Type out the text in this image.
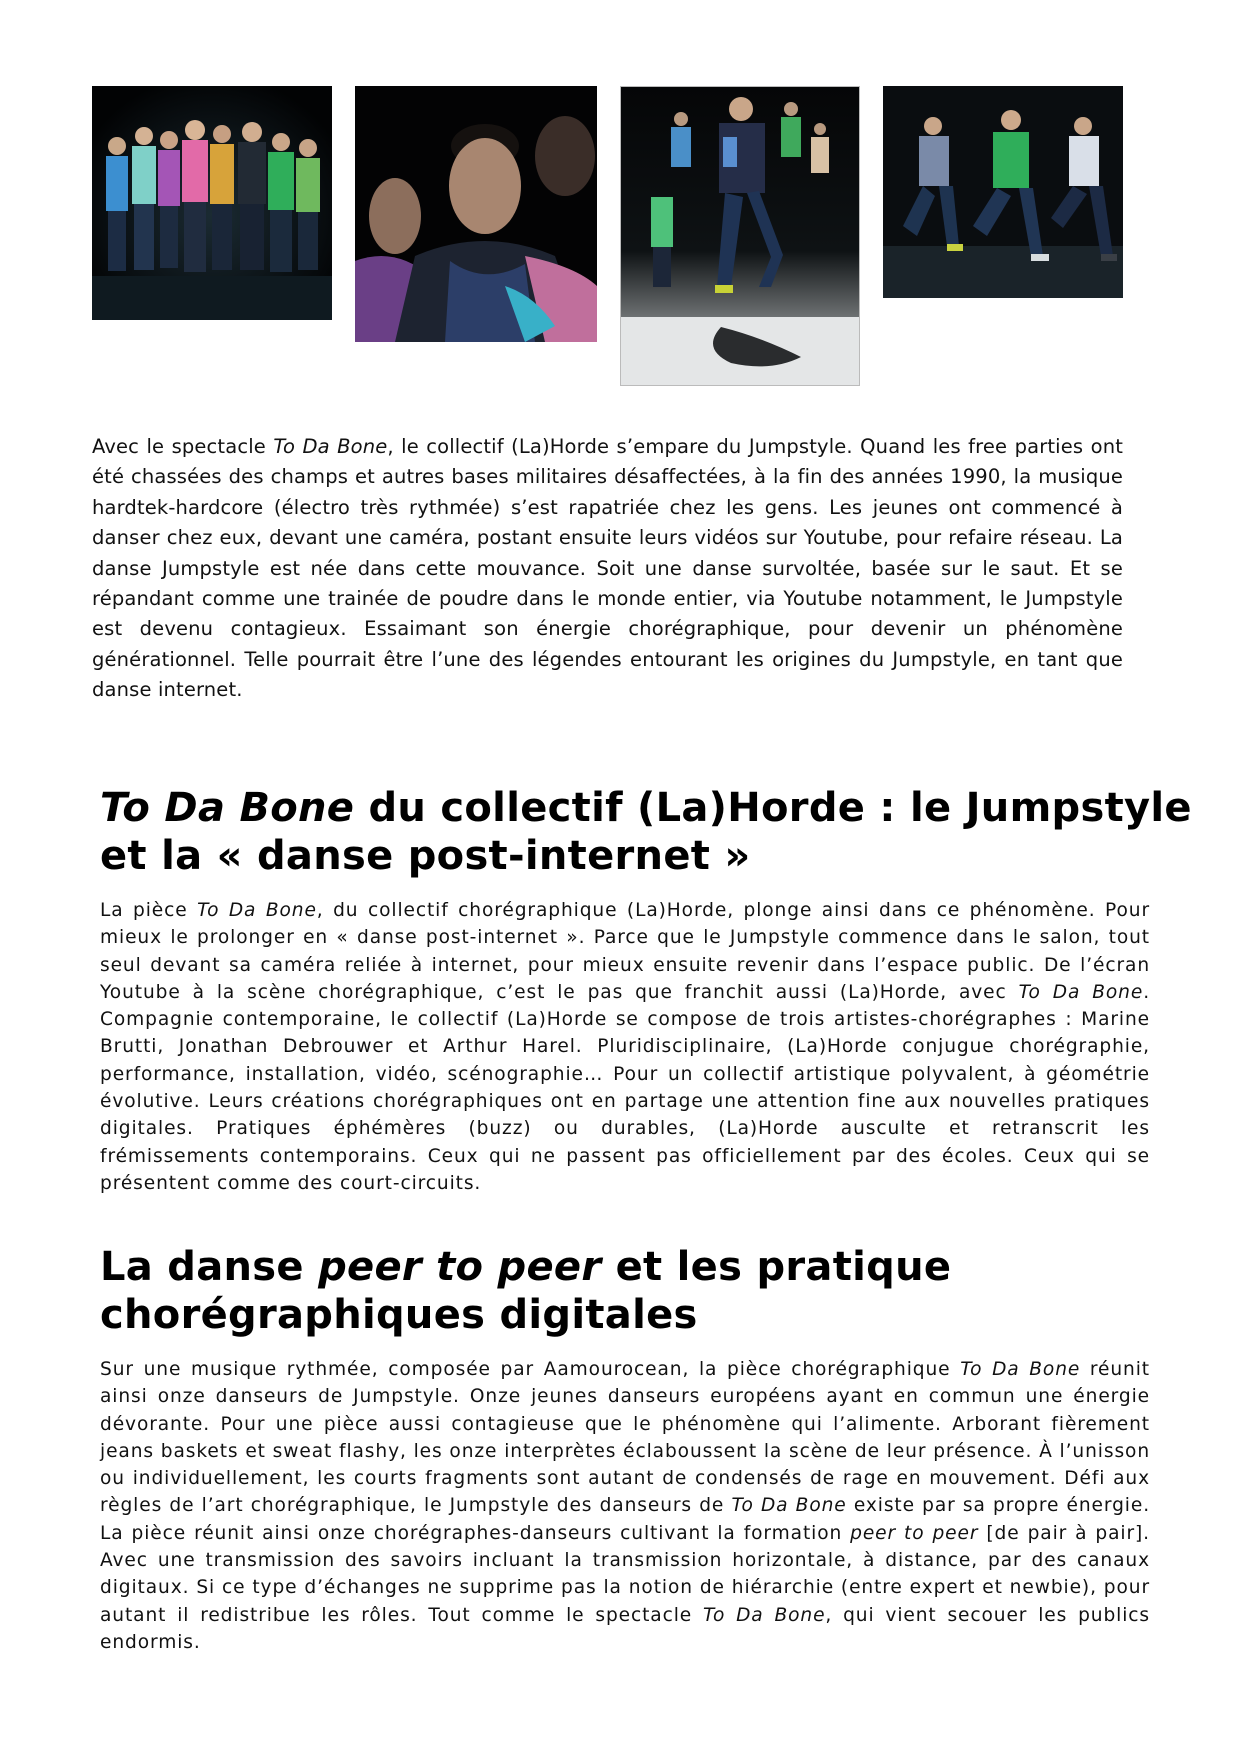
Avec le spectacle To Da Bone, le collectif (La)Horde s’empare du Jumpstyle. Quand les free parties ont été chassées des champs et autres bases militaires désaffectées, à la fin des années 1990, la musique hardtek-hardcore (électro très rythmée) s’est rapatriée chez les gens. Les jeunes ont commencé à danser chez eux, devant une caméra, postant ensuite leurs vidéos sur Youtube, pour refaire réseau. La danse Jumpstyle est née dans cette mouvance. Soit une danse survoltée, basée sur le saut. Et se répandant comme une trainée de poudre dans le monde entier, via Youtube notamment, le Jumpstyle est devenu contagieux. Essaimant son énergie chorégraphique, pour devenir un phénomène générationnel. Telle pourrait être l’une des légendes entourant les origines du Jumpstyle, en tant que danse internet.

To Da Bone du collectif (La)Horde : le Jumpstyle et la « danse post-internet »

La pièce To Da Bone, du collectif chorégraphique (La)Horde, plonge ainsi dans ce phénomène. Pour mieux le prolonger en « danse post-internet ». Parce que le Jumpstyle commence dans le salon, tout seul devant sa caméra reliée à internet, pour mieux ensuite revenir dans l’espace public. De l’écran Youtube à la scène chorégraphique, c’est le pas que franchit aussi (La)Horde, avec To Da Bone. Compagnie contemporaine, le collectif (La)Horde se compose de trois artistes-chorégraphes : Marine Brutti, Jonathan Debrouwer et Arthur Harel. Pluridisciplinaire, (La)Horde conjugue chorégraphie, performance, installation, vidéo, scénographie… Pour un collectif artistique polyvalent, à géométrie évolutive. Leurs créations chorégraphiques ont en partage une attention fine aux nouvelles pratiques digitales. Pratiques éphémères (buzz) ou durables, (La)Horde ausculte et retranscrit les frémissements contemporains. Ceux qui ne passent pas officiellement par des écoles. Ceux qui se présentent comme des court-circuits.

La danse peer to peer et les pratique chorégraphiques digitales

Sur une musique rythmée, composée par Aamourocean, la pièce chorégraphique To Da Bone réunit ainsi onze danseurs de Jumpstyle. Onze jeunes danseurs européens ayant en commun une énergie dévorante. Pour une pièce aussi contagieuse que le phénomène qui l’alimente. Arborant fièrement jeans baskets et sweat flashy, les onze interprètes éclaboussent la scène de leur présence. À l’unisson ou individuellement, les courts fragments sont autant de condensés de rage en mouvement. Défi aux règles de l’art chorégraphique, le Jumpstyle des danseurs de To Da Bone existe par sa propre énergie. La pièce réunit ainsi onze chorégraphes-danseurs cultivant la formation peer to peer [de pair à pair]. Avec une transmission des savoirs incluant la transmission horizontale, à distance, par des canaux digitaux. Si ce type d’échanges ne supprime pas la notion de hiérarchie (entre expert et newbie), pour autant il redistribue les rôles. Tout comme le spectacle To Da Bone, qui vient secouer les publics endormis.
